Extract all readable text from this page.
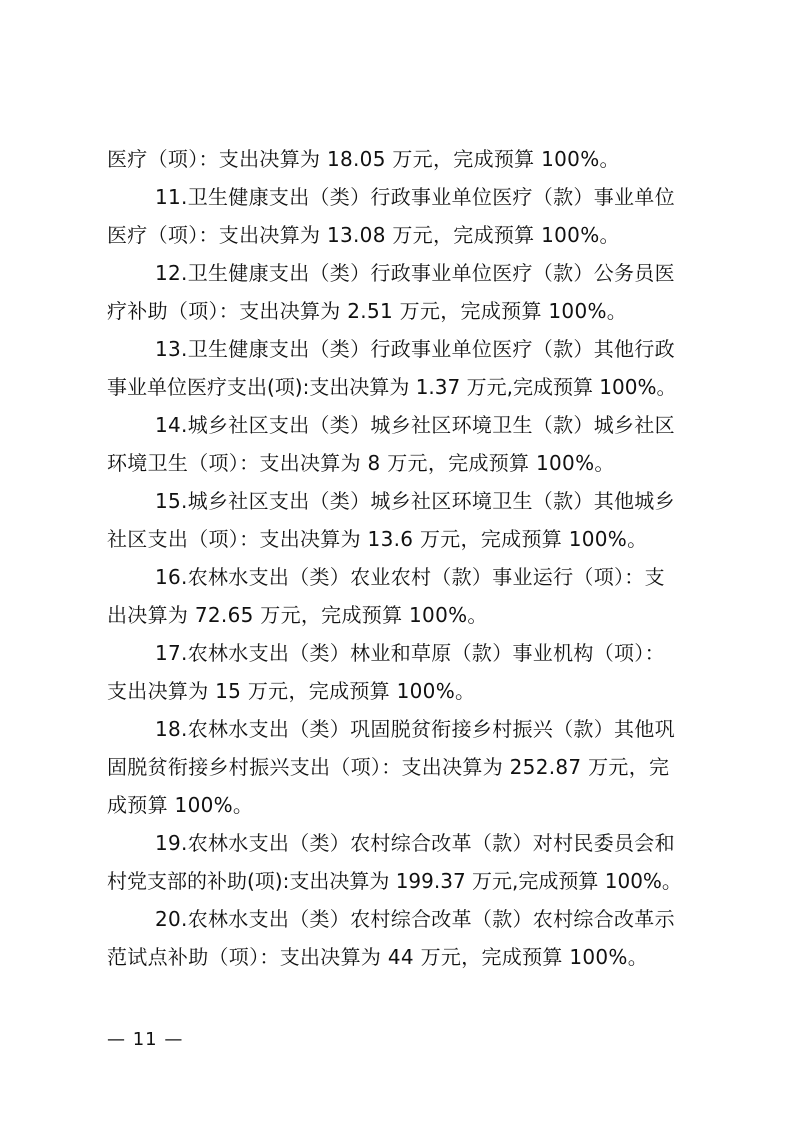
医疗（项）：支出决算为 18.05 万元，完成预算 100%。
11.卫生健康支出（类）行政事业单位医疗（款）事业单位
医疗（项）：支出决算为 13.08 万元，完成预算 100%。
12.卫生健康支出（类）行政事业单位医疗（款）公务员医
疗补助（项）：支出决算为 2.51 万元，完成预算 100%。
13.卫生健康支出（类）行政事业单位医疗（款）其他行政
事业单位医疗支出(项):支出决算为 1.37 万元,完成预算 100%。
14.城乡社区支出（类）城乡社区环境卫生（款）城乡社区
环境卫生（项）：支出决算为 8 万元，完成预算 100%。
15.城乡社区支出（类）城乡社区环境卫生（款）其他城乡
社区支出（项）：支出决算为 13.6 万元，完成预算 100%。
16.农林水支出（类）农业农村（款）事业运行（项）：支
出决算为 72.65 万元，完成预算 100%。
17.农林水支出（类）林业和草原（款）事业机构（项）：
支出决算为 15 万元，完成预算 100%。
18.农林水支出（类）巩固脱贫衔接乡村振兴（款）其他巩
固脱贫衔接乡村振兴支出（项）：支出决算为 252.87 万元，完
成预算 100%。
19.农林水支出（类）农村综合改革（款）对村民委员会和
村党支部的补助(项):支出决算为 199.37 万元,完成预算 100%。
20.农林水支出（类）农村综合改革（款）农村综合改革示
范试点补助（项）：支出决算为 44 万元，完成预算 100%。
— 11 —
